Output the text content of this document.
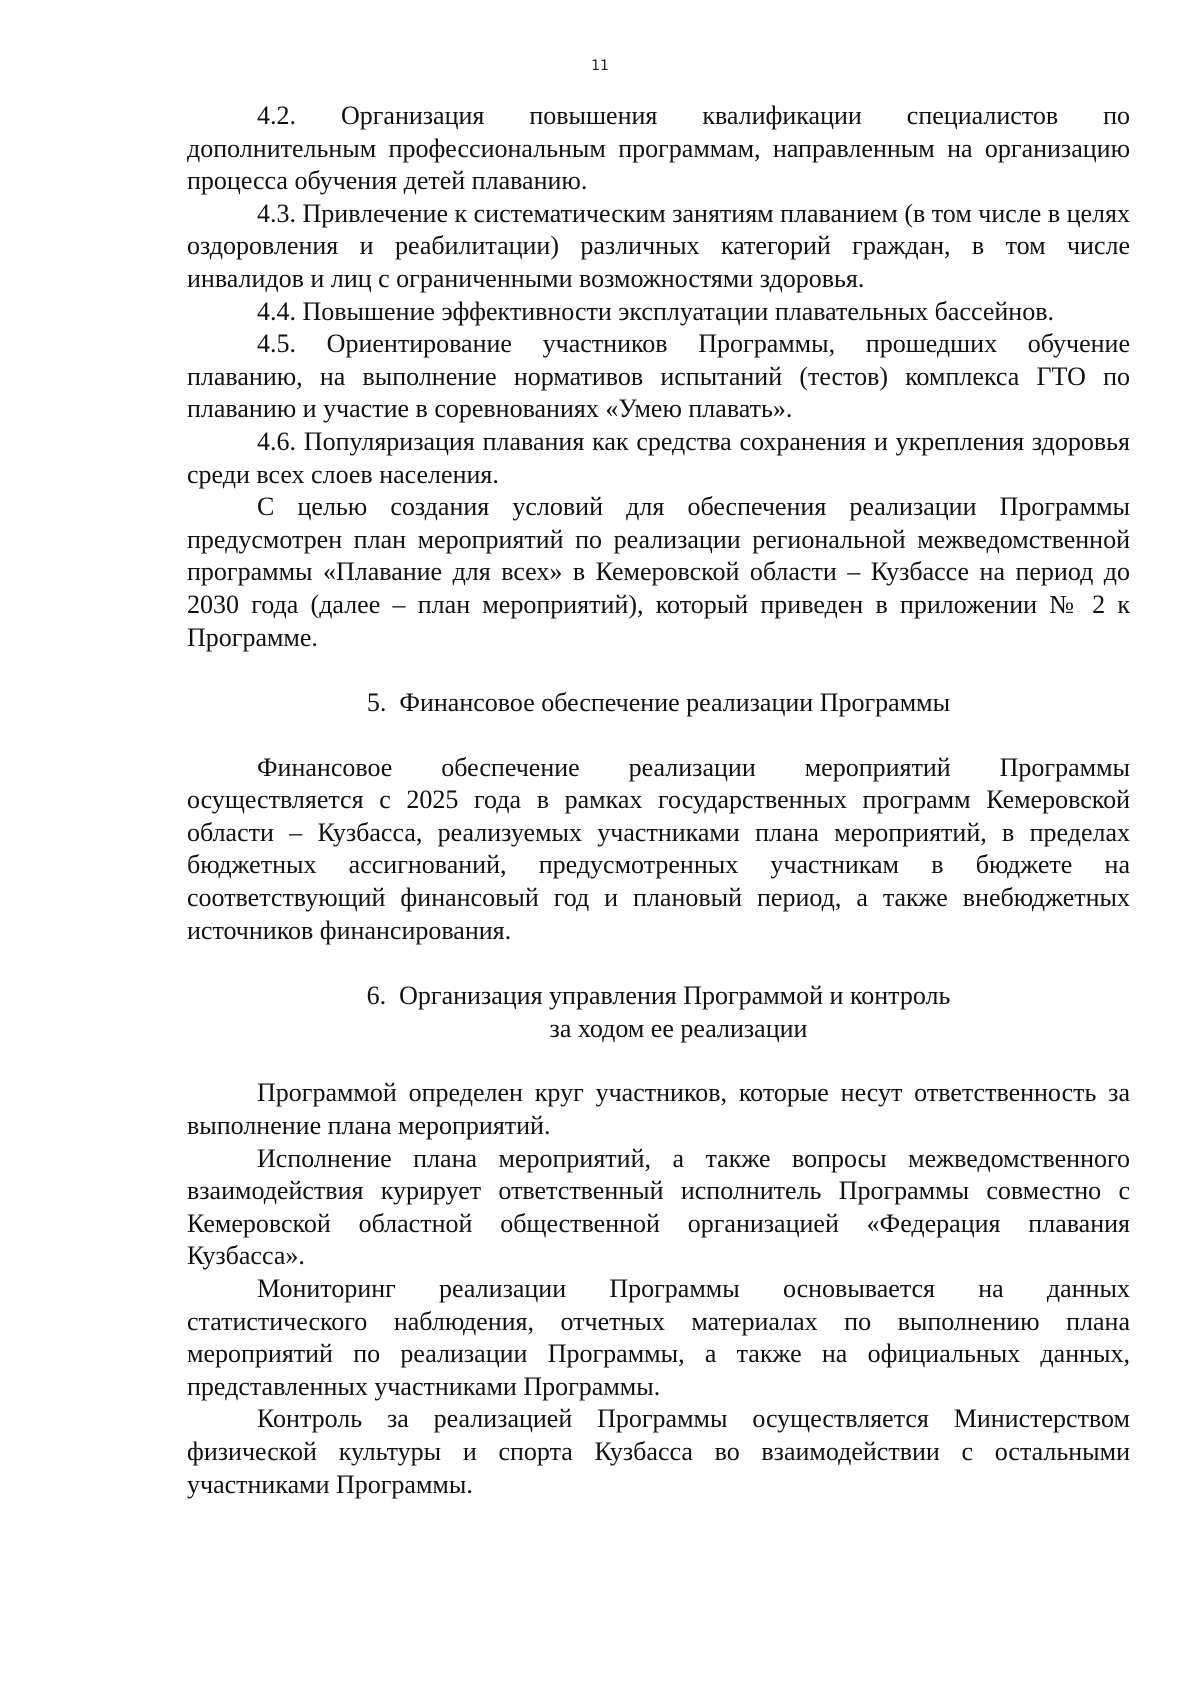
11

4.2. Организация повышения квалификации специалистов по дополнительным профессиональным программам, направленным на организацию процесса обучения детей плаванию.

4.3. Привлечение к систематическим занятиям плаванием (в том числе в целях оздоровления и реабилитации) различных категорий граждан, в том числе инвалидов и лиц с ограниченными возможностями здоровья.

4.4. Повышение эффективности эксплуатации плавательных бассейнов.

4.5. Ориентирование участников Программы, прошедших обучение плаванию, на выполнение нормативов испытаний (тестов) комплекса ГТО по плаванию и участие в соревнованиях «Умею плавать».

4.6. Популяризация плавания как средства сохранения и укрепления здоровья среди всех слоев населения.

С целью создания условий для обеспечения реализации Программы предусмотрен план мероприятий по реализации региональной межведомственной программы «Плавание для всех» в Кемеровской области – Кузбассе на период до 2030 года (далее – план мероприятий), который приведен в приложении № 2 к Программе.

5.  Финансовое обеспечение реализации Программы

Финансовое обеспечение реализации мероприятий Программы осуществляется с 2025 года в рамках государственных программ Кемеровской области – Кузбасса, реализуемых участниками плана мероприятий, в пределах бюджетных ассигнований, предусмотренных участникам в бюджете на соответствующий финансовый год и плановый период, а также внебюджетных источников финансирования.

6.  Организация управления Программой и контроль

за ходом ее реализации

Программой определен круг участников, которые несут ответственность за выполнение плана мероприятий.

Исполнение плана мероприятий, а также вопросы межведомственного взаимодействия курирует ответственный исполнитель Программы совместно с Кемеровской областной общественной организацией «Федерация плавания Кузбасса».

Мониторинг реализации Программы основывается на данных статистического наблюдения, отчетных материалах по выполнению плана мероприятий по реализации Программы, а также на официальных данных, представленных участниками Программы.

Контроль за реализацией Программы осуществляется Министерством физической культуры и спорта Кузбасса во взаимодействии с остальными участниками Программы.
